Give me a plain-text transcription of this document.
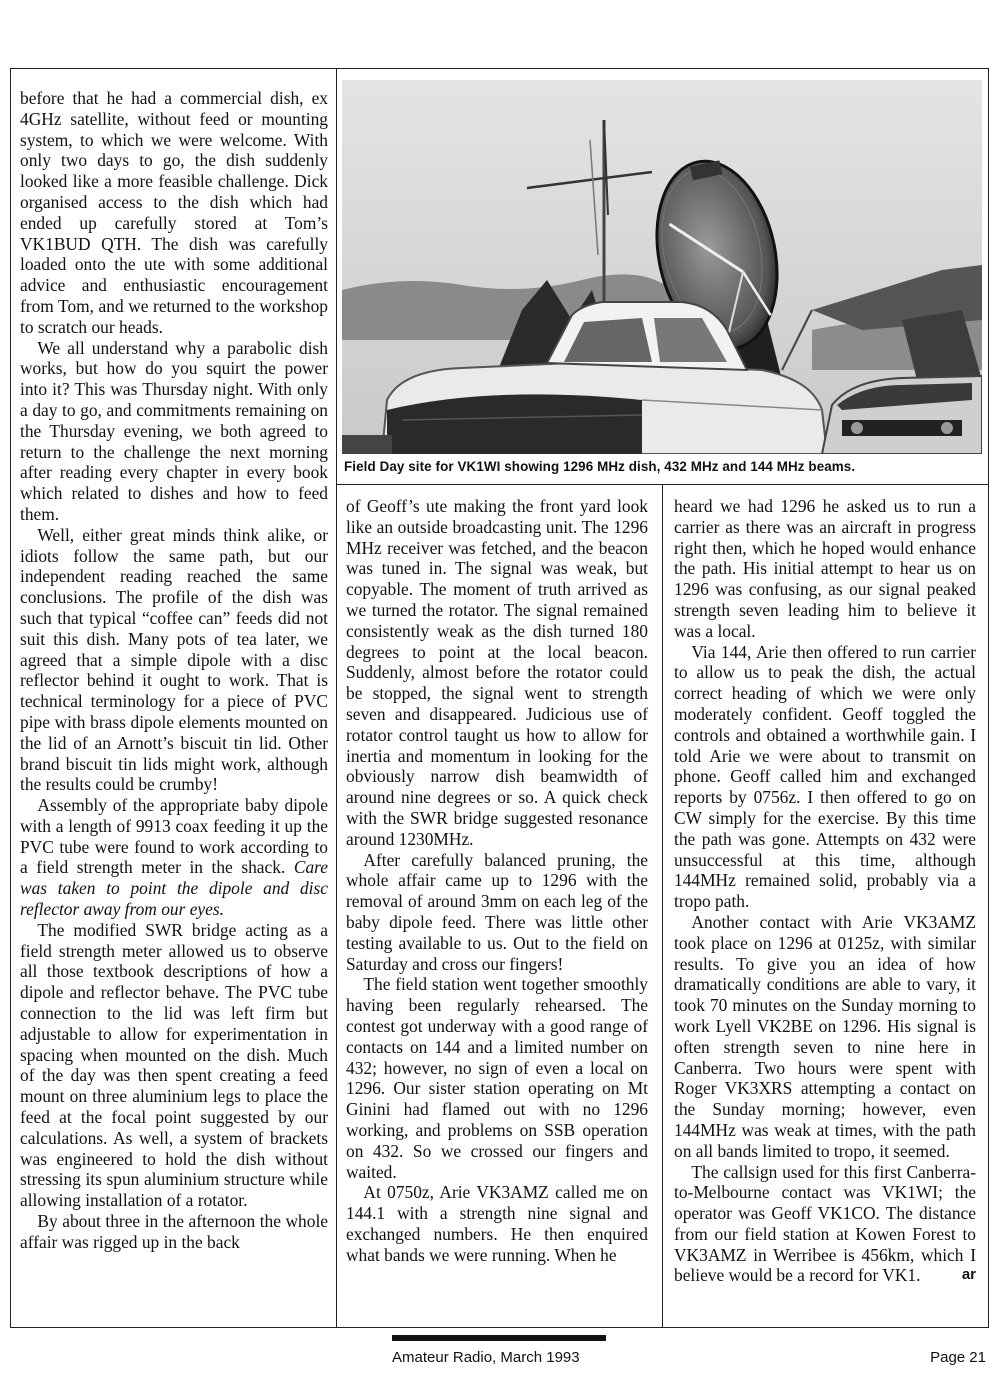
Field Day site for VK1WI showing 1296 MHz dish, 432 MHz and 144 MHz beams.

before that he had a commercial dish, ex 4GHz satellite, without feed or mounting system, to which we were welcome. With only two days to go, the dish suddenly looked like a more feasible challenge. Dick organised access to the dish which had ended up carefully stored at Tom’s VK1BUD QTH. The dish was carefully loaded onto the ute with some additional advice and enthusiastic encouragement from Tom, and we returned to the workshop to scratch our heads.

We all understand why a parabolic dish works, but how do you squirt the power into it? This was Thursday night. With only a day to go, and commitments remaining on the Thursday evening, we both agreed to return to the challenge the next morning after reading every chapter in every book which related to dishes and how to feed them.

Well, either great minds think alike, or idiots follow the same path, but our independent reading reached the same conclusions. The profile of the dish was such that typical “coffee can” feeds did not suit this dish. Many pots of tea later, we agreed that a simple dipole with a disc reflector behind it ought to work. That is technical terminology for a piece of PVC pipe with brass dipole elements mounted on the lid of an Arnott’s biscuit tin lid. Other brand biscuit tin lids might work, although the results could be crumby!

Assembly of the appropriate baby dipole with a length of 9913 coax feeding it up the PVC tube were found to work according to a field strength meter in the shack. Care was taken to point the dipole and disc reflector away from our eyes.

The modified SWR bridge acting as a field strength meter allowed us to observe all those textbook descriptions of how a dipole and reflector behave. The PVC tube connection to the lid was left firm but adjustable to allow for experimentation in spacing when mounted on the dish. Much of the day was then spent creating a feed mount on three aluminium legs to place the feed at the focal point suggested by our calculations. As well, a system of brackets was engineered to hold the dish without stressing its spun aluminium structure while allowing installation of a rotator.

By about three in the afternoon the whole affair was rigged up in the back

of Geoff’s ute making the front yard look like an outside broadcasting unit. The 1296 MHz receiver was fetched, and the beacon was tuned in. The signal was weak, but copyable. The moment of truth arrived as we turned the rotator. The signal remained consistently weak as the dish turned 180 degrees to point at the local beacon. Suddenly, almost before the rotator could be stopped, the signal went to strength seven and disappeared. Judicious use of rotator control taught us how to allow for inertia and momentum in looking for the obviously narrow dish beamwidth of around nine degrees or so. A quick check with the SWR bridge suggested resonance around 1230MHz.

After carefully balanced pruning, the whole affair came up to 1296 with the removal of around 3mm on each leg of the baby dipole feed. There was little other testing available to us. Out to the field on Saturday and cross our fingers!

The field station went together smoothly having been regularly rehearsed. The contest got underway with a good range of contacts on 144 and a limited number on 432; however, no sign of even a local on 1296. Our sister station operating on Mt Ginini had flamed out with no 1296 working, and problems on SSB operation on 432. So we crossed our fingers and waited.

At 0750z, Arie VK3AMZ called me on 144.1 with a strength nine signal and exchanged numbers. He then enquired what bands we were running. When he

heard we had 1296 he asked us to run a carrier as there was an aircraft in progress right then, which he hoped would enhance the path. His initial attempt to hear us on 1296 was confusing, as our signal peaked strength seven leading him to believe it was a local.

Via 144, Arie then offered to run carrier to allow us to peak the dish, the actual correct heading of which we were only moderately confident. Geoff toggled the controls and obtained a worthwhile gain. I told Arie we were about to transmit on phone. Geoff called him and exchanged reports by 0756z. I then offered to go on CW simply for the exercise. By this time the path was gone. Attempts on 432 were unsuccessful at this time, although 144MHz remained solid, probably via a tropo path.

Another contact with Arie VK3AMZ took place on 1296 at 0125z, with similar results. To give you an idea of how dramatically conditions are able to vary, it took 70 minutes on the Sunday morning to work Lyell VK2BE on 1296. His signal is often strength seven to nine here in Canberra. Two hours were spent with Roger VK3XRS attempting a contact on the Sunday morning; however, even 144MHz was weak at times, with the path on all bands limited to tropo, it seemed.

The callsign used for this first Canberra-to-Melbourne contact was VK1WI; the operator was Geoff VK1CO. The distance from our field station at Kowen Forest to VK3AMZ in Werribee is 456km, which I believe would be a record for VK1.	ar

Amateur Radio, March 1993	Page 21
